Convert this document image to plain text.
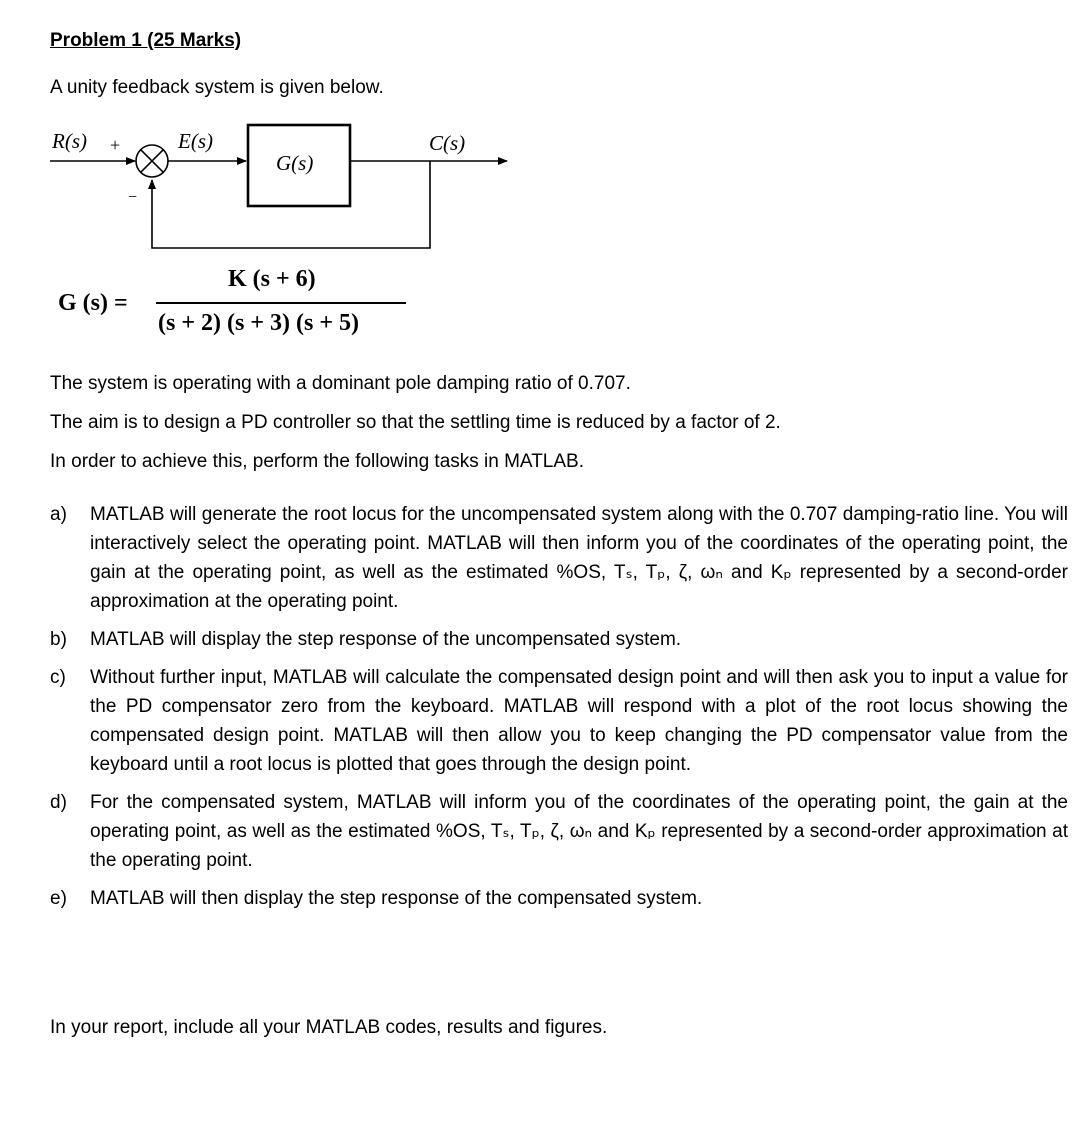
Problem 1 (25 Marks)

A unity feedback system is given below.

R(s) +
−
E(s)
G(s)
C(s)
G (s) =
K (s + 6)
(s + 2) (s + 3) (s + 5)

The system is operating with a dominant pole damping ratio of 0.707.

The aim is to design a PD controller so that the settling time is reduced by a factor of 2.

In order to achieve this, perform the following tasks in MATLAB.

a) MATLAB will generate the root locus for the uncompensated system along with the 0.707 damping-ratio line. You will interactively select the operating point. MATLAB will then inform you of the coordinates of the operating point, the gain at the operating point, as well as the estimated %OS, Tₛ, Tₚ, ζ, ωₙ and Kₚ represented by a second-order approximation at the operating point.
b) MATLAB will display the step response of the uncompensated system.
c) Without further input, MATLAB will calculate the compensated design point and will then ask you to input a value for the PD compensator zero from the keyboard. MATLAB will respond with a plot of the root locus showing the compensated design point. MATLAB will then allow you to keep changing the PD compensator value from the keyboard until a root locus is plotted that goes through the design point.
d) For the compensated system, MATLAB will inform you of the coordinates of the operating point, the gain at the operating point, as well as the estimated %OS, Tₛ, Tₚ, ζ, ωₙ and Kₚ represented by a second-order approximation at the operating point.
e) MATLAB will then display the step response of the compensated system.

In your report, include all your MATLAB codes, results and figures.
